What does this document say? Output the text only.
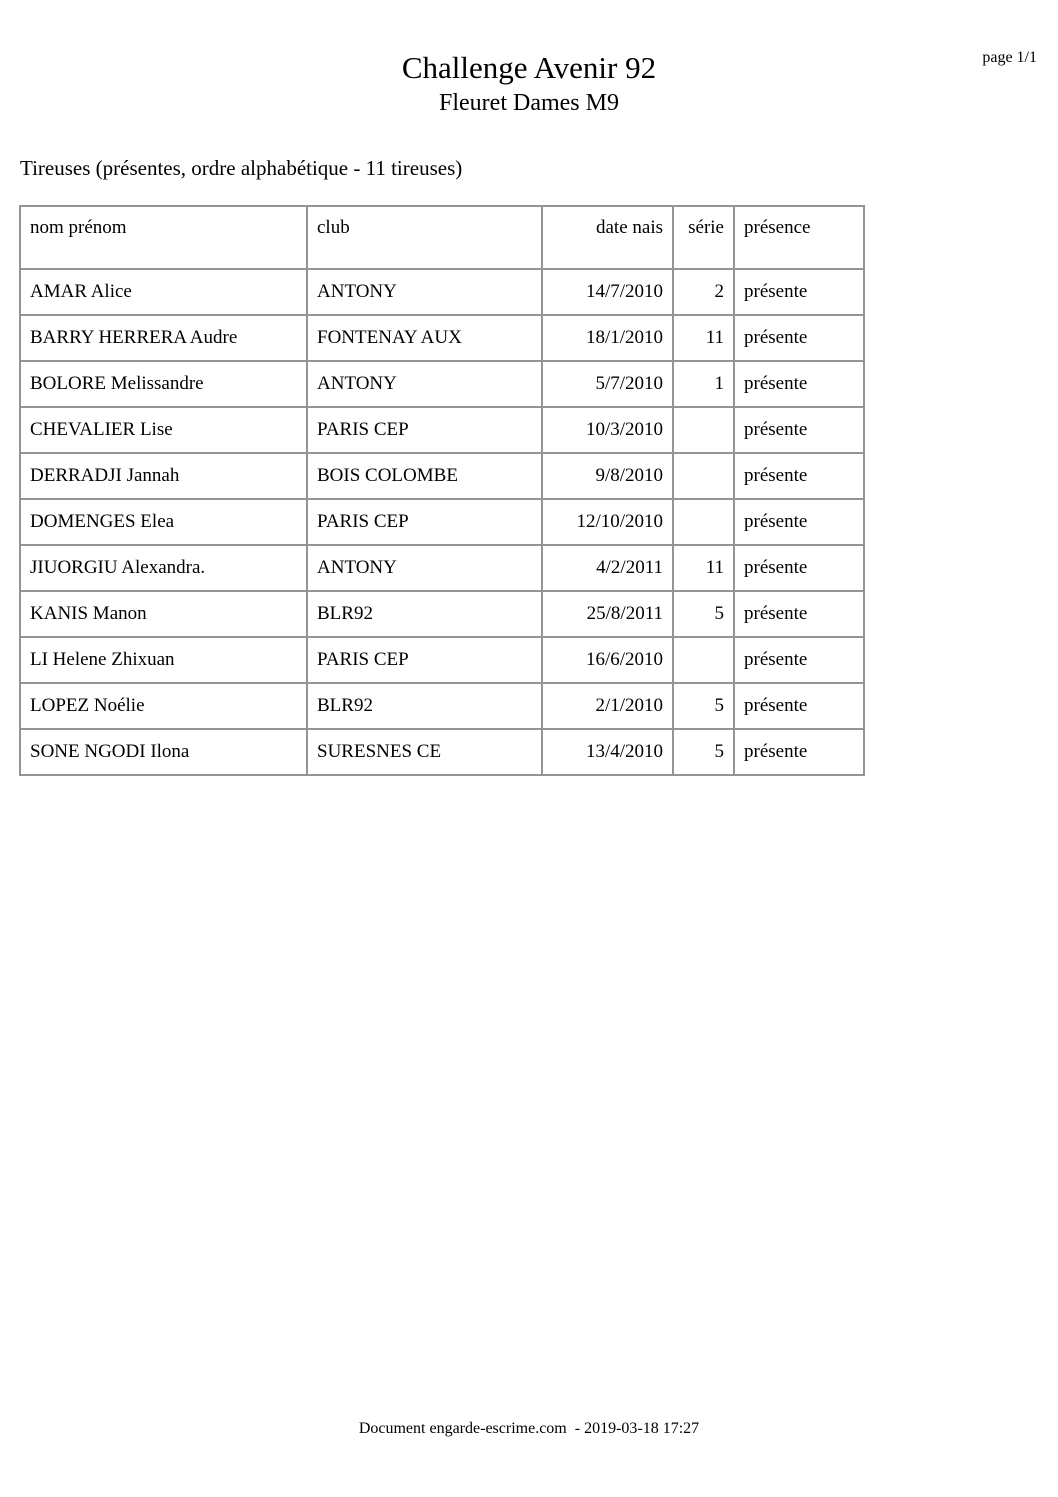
page 1/1
Challenge Avenir 92
Fleuret Dames M9
Tireuses (présentes, ordre alphabétique - 11 tireuses)
nom prénom	club	date nais	série	présence
AMAR Alice	ANTONY	14/7/2010	2	présente
BARRY HERRERA Audre	FONTENAY AUX	18/1/2010	11	présente
BOLORE Melissandre	ANTONY	5/7/2010	1	présente
CHEVALIER Lise	PARIS CEP	10/3/2010		présente
DERRADJI Jannah	BOIS COLOMBE	9/8/2010		présente
DOMENGES Elea	PARIS CEP	12/10/2010		présente
JIUORGIU Alexandra.	ANTONY	4/2/2011	11	présente
KANIS Manon	BLR92	25/8/2011	5	présente
LI Helene Zhixuan	PARIS CEP	16/6/2010		présente
LOPEZ Noélie	BLR92	2/1/2010	5	présente
SONE NGODI Ilona	SURESNES CE	13/4/2010	5	présente
Document engarde-escrime.com  - 2019-03-18 17:27
